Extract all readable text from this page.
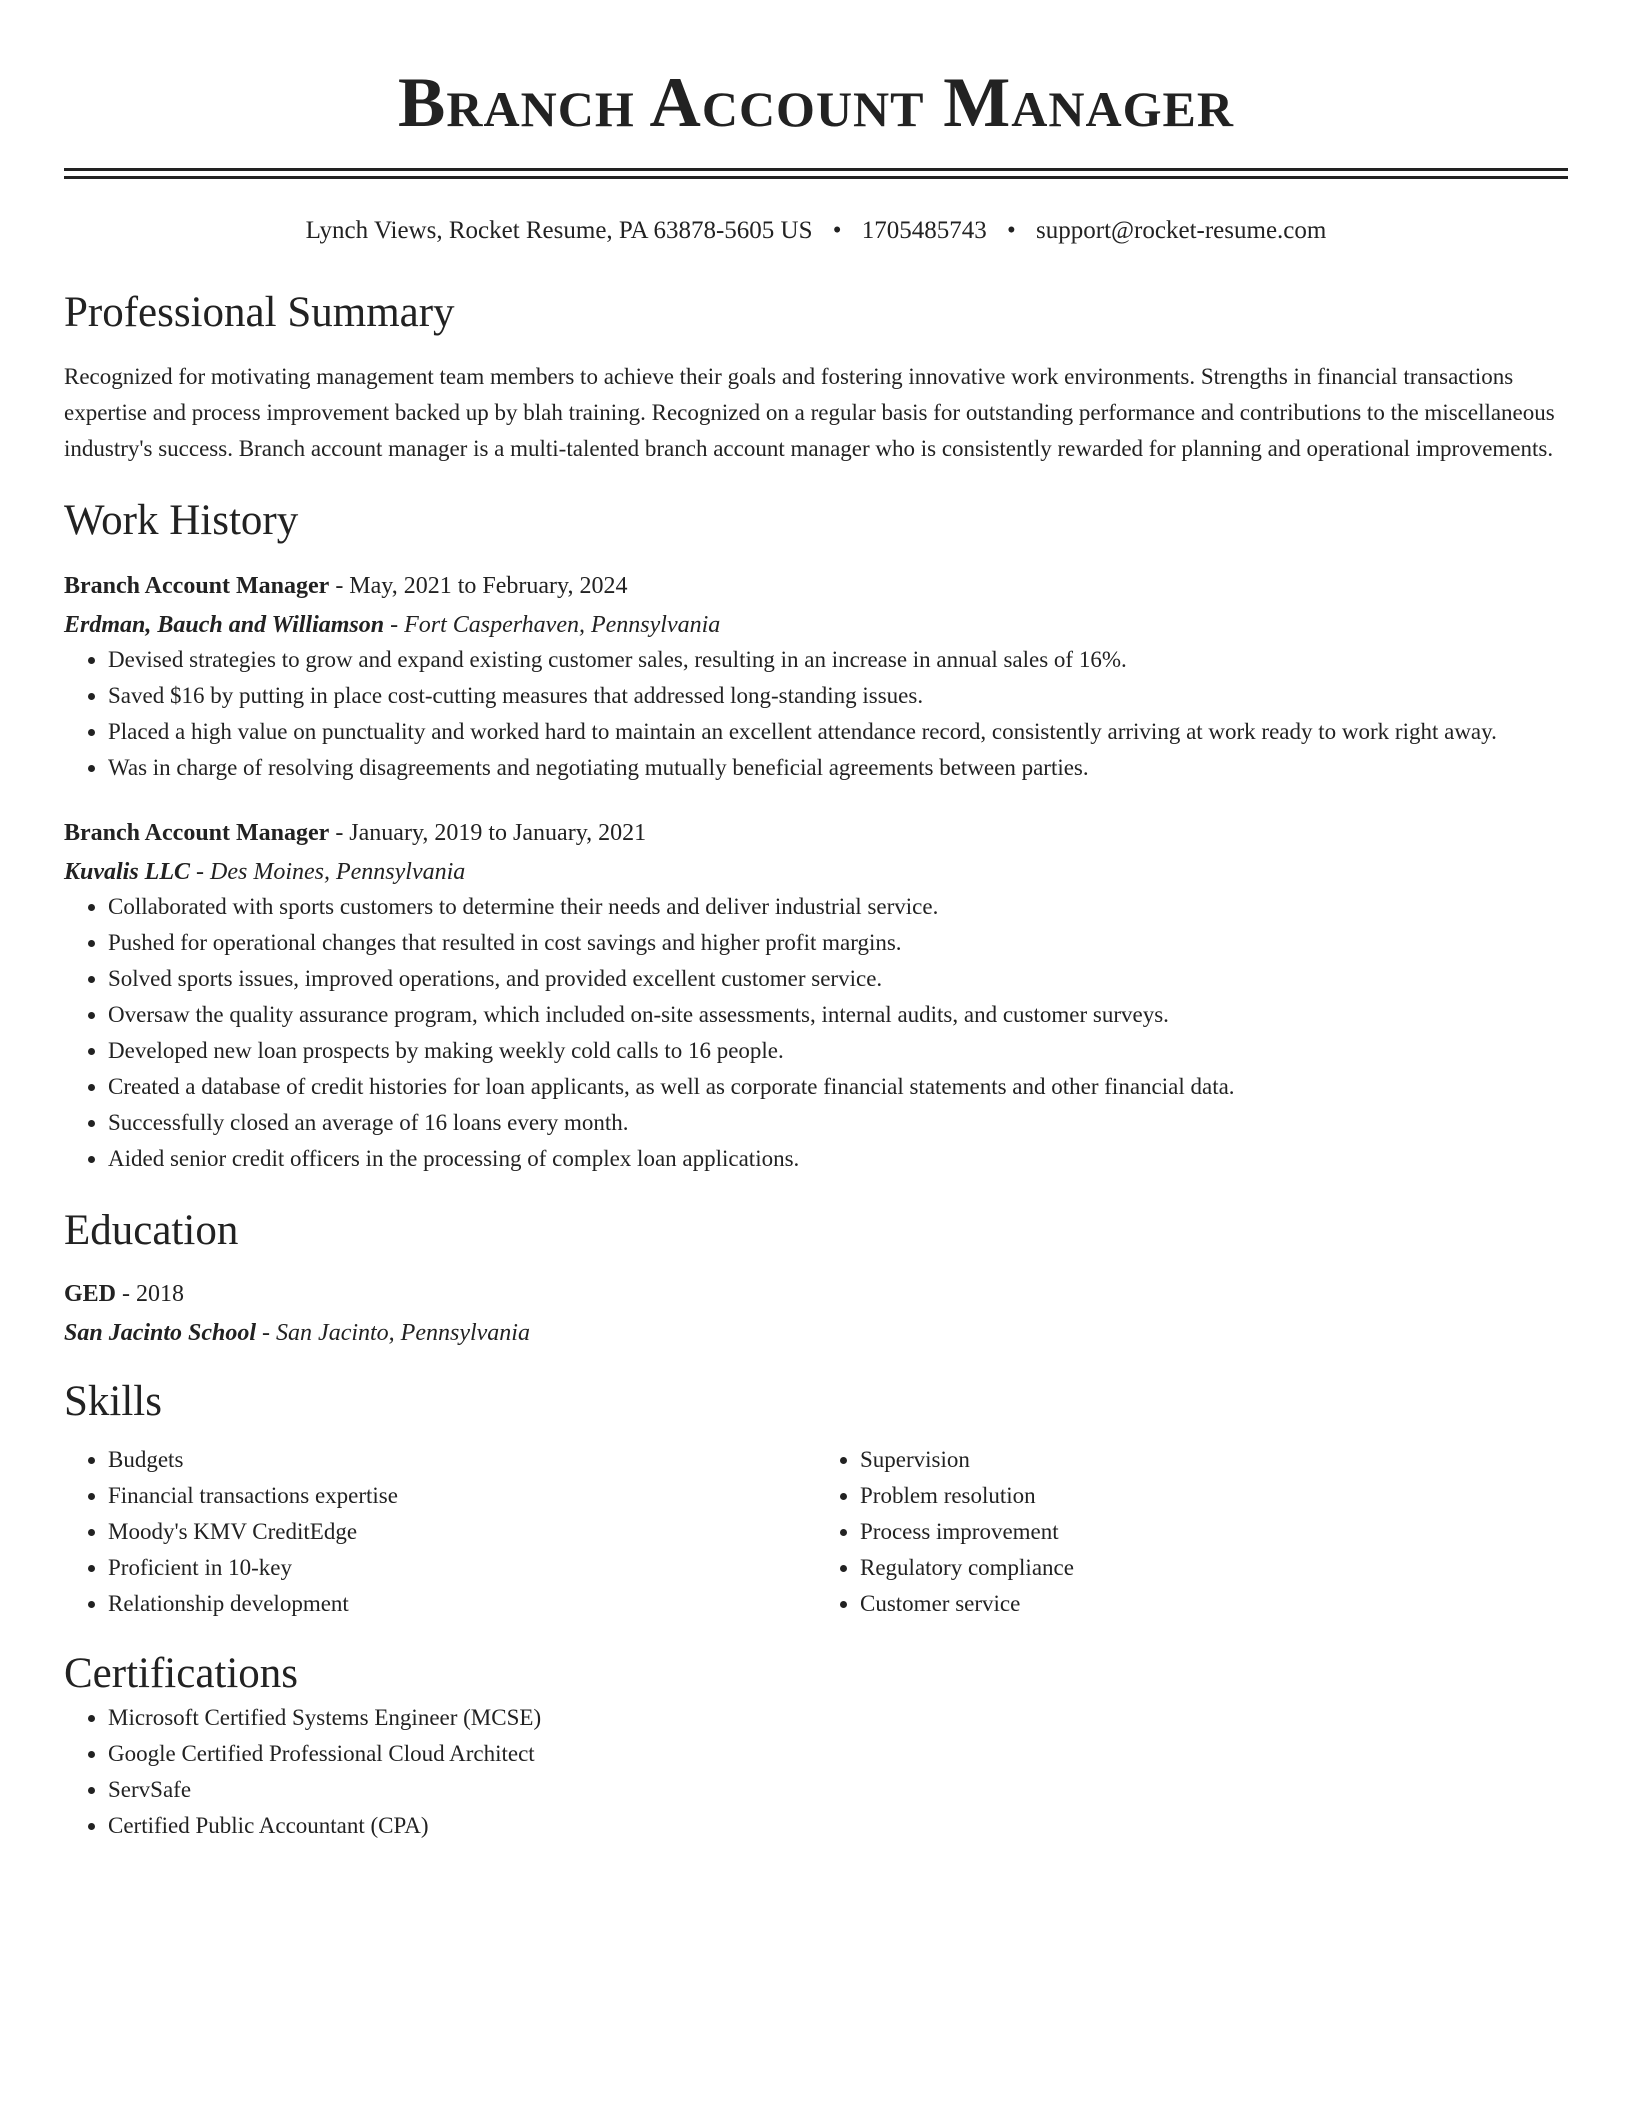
Branch Account Manager
Lynch Views, Rocket Resume, PA 63878-5605 US • 1705485743 • support@rocket-resume.com
Professional Summary
Recognized for motivating management team members to achieve their goals and fostering innovative work environments. Strengths in financial transactions expertise and process improvement backed up by blah training. Recognized on a regular basis for outstanding performance and contributions to the miscellaneous industry's success. Branch account manager is a multi-talented branch account manager who is consistently rewarded for planning and operational improvements.
Work History
Branch Account Manager - May, 2021 to February, 2024
Erdman, Bauch and Williamson - Fort Casperhaven, Pennsylvania
• Devised strategies to grow and expand existing customer sales, resulting in an increase in annual sales of 16%.
• Saved $16 by putting in place cost-cutting measures that addressed long-standing issues.
• Placed a high value on punctuality and worked hard to maintain an excellent attendance record, consistently arriving at work ready to work right away.
• Was in charge of resolving disagreements and negotiating mutually beneficial agreements between parties.
Branch Account Manager - January, 2019 to January, 2021
Kuvalis LLC - Des Moines, Pennsylvania
• Collaborated with sports customers to determine their needs and deliver industrial service.
• Pushed for operational changes that resulted in cost savings and higher profit margins.
• Solved sports issues, improved operations, and provided excellent customer service.
• Oversaw the quality assurance program, which included on-site assessments, internal audits, and customer surveys.
• Developed new loan prospects by making weekly cold calls to 16 people.
• Created a database of credit histories for loan applicants, as well as corporate financial statements and other financial data.
• Successfully closed an average of 16 loans every month.
• Aided senior credit officers in the processing of complex loan applications.
Education
GED - 2018
San Jacinto School - San Jacinto, Pennsylvania
Skills
• Budgets
• Financial transactions expertise
• Moody's KMV CreditEdge
• Proficient in 10-key
• Relationship development
• Supervision
• Problem resolution
• Process improvement
• Regulatory compliance
• Customer service
Certifications
• Microsoft Certified Systems Engineer (MCSE)
• Google Certified Professional Cloud Architect
• ServSafe
• Certified Public Accountant (CPA)
